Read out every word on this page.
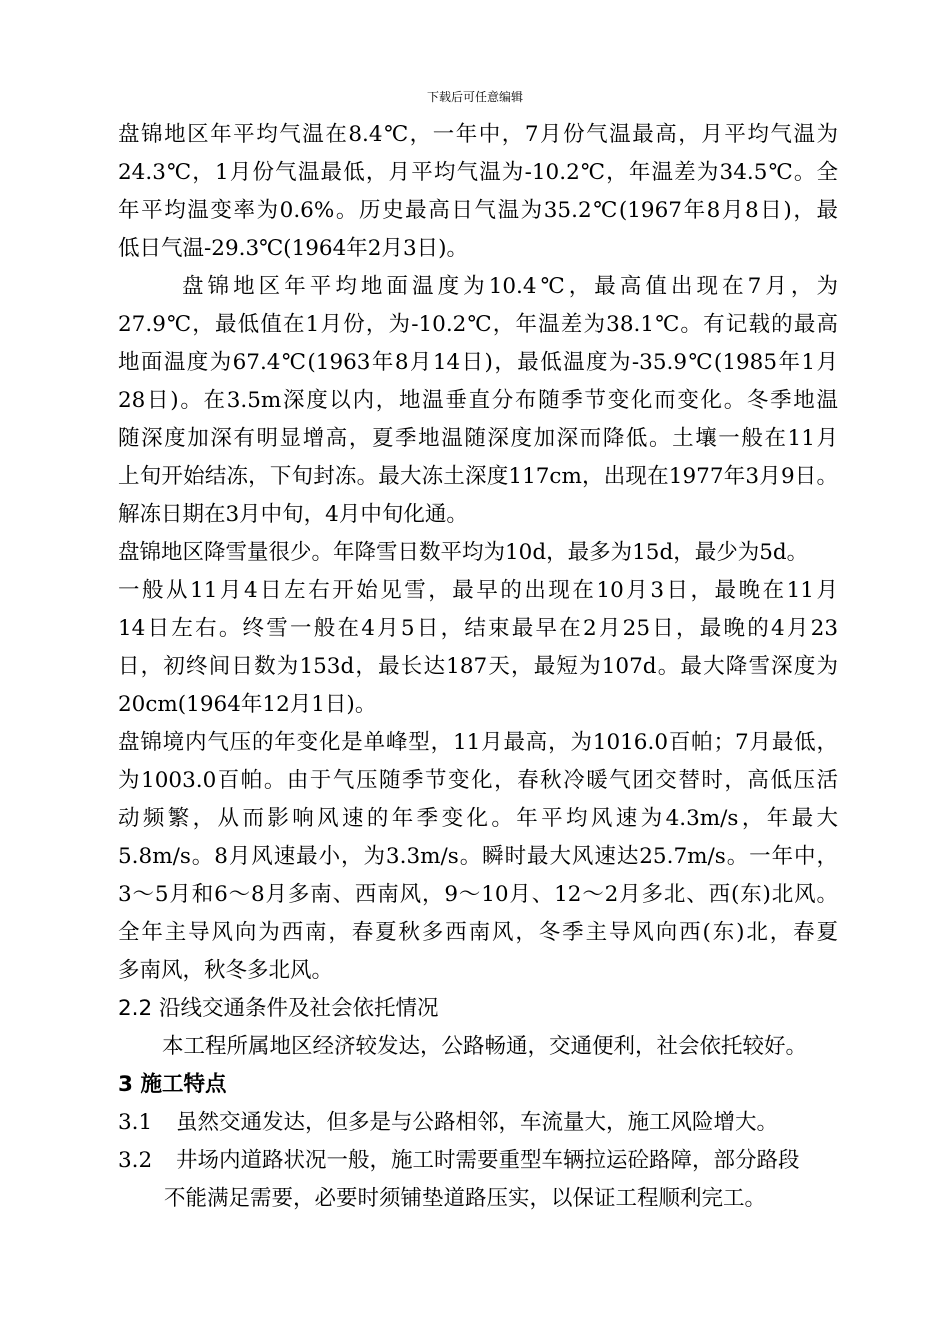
下载后可任意编辑
盘锦地区年平均气温在8.4℃，一年中，7月份气温最高，月平均气温为
24.3℃，1月份气温最低，月平均气温为-10.2℃，年温差为34.5℃。全
年平均温变率为0.6%。历史最高日气温为35.2℃(1967年8月8日)，最
低日气温-29.3℃(1964年2月3日)。
盘锦地区年平均地面温度为10.4℃，最高值出现在7月，为
27.9℃，最低值在1月份，为-10.2℃，年温差为38.1℃。有记载的最高
地面温度为67.4℃(1963年8月14日)，最低温度为-35.9℃(1985年1月
28日)。在3.5m深度以内，地温垂直分布随季节变化而变化。冬季地温
随深度加深有明显增高，夏季地温随深度加深而降低。土壤一般在11月
上旬开始结冻，下旬封冻。最大冻土深度117cm，出现在1977年3月9日。
解冻日期在3月中旬，4月中旬化通。
盘锦地区降雪量很少。年降雪日数平均为10d，最多为15d，最少为5d。
一般从11月4日左右开始见雪，最早的出现在10月3日，最晚在11月
14日左右。终雪一般在4月5日，结束最早在2月25日，最晚的4月23
日，初终间日数为153d，最长达187天，最短为107d。最大降雪深度为
20cm(1964年12月1日)。
盘锦境内气压的年变化是单峰型，11月最高，为1016.0百帕；7月最低，
为1003.0百帕。由于气压随季节变化，春秋冷暖气团交替时，高低压活
动频繁，从而影响风速的年季变化。年平均风速为4.3m/s，年最大
5.8m/s。8月风速最小，为3.3m/s。瞬时最大风速达25.7m/s。一年中，
3～5月和6～8月多南、西南风，9～10月、12～2月多北、西(东)北风。
全年主导风向为西南，春夏秋多西南风，冬季主导风向西(东)北，春夏
多南风，秋冬多北风。
2.2 沿线交通条件及社会依托情况
本工程所属地区经济较发达，公路畅通，交通便利，社会依托较好。
3 施工特点
3.1 虽然交通发达，但多是与公路相邻，车流量大，施工风险增大。
3.2 井场内道路状况一般，施工时需要重型车辆拉运砼路障，部分路段
不能满足需要，必要时须铺垫道路压实，以保证工程顺利完工。
